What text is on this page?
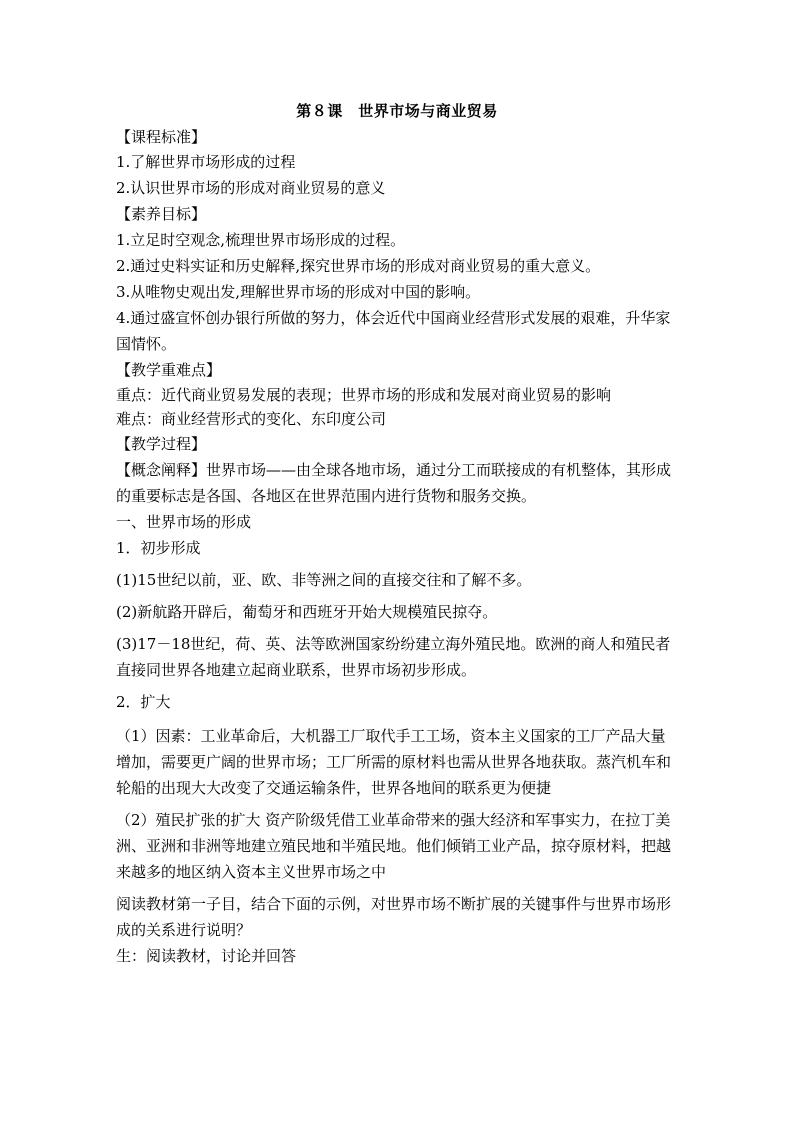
第８课　世界市场与商业贸易

【课程标准】

1.了解世界市场形成的过程

2.认识世界市场的形成对商业贸易的意义

【素养目标】

1.立足时空观念,梳理世界市场形成的过程。

2.通过史料实证和历史解释,探究世界市场的形成对商业贸易的重大意义。

3.从唯物史观出发,理解世界市场的形成对中国的影响。

4.通过盛宣怀创办银行所做的努力，体会近代中国商业经营形式发展的艰难，升华家国情怀。

【教学重难点】

重点：近代商业贸易发展的表现；世界市场的形成和发展对商业贸易的影响

难点：商业经营形式的变化、东印度公司

【教学过程】

【概念阐释】世界市场——由全球各地市场，通过分工而联接成的有机整体，其形成的重要标志是各国、各地区在世界范围内进行货物和服务交换。

一、世界市场的形成

1．初步形成

(1)15世纪以前，亚、欧、非等洲之间的直接交往和了解不多。

(2)新航路开辟后，葡萄牙和西班牙开始大规模殖民掠夺。

(3)17－18世纪，荷、英、法等欧洲国家纷纷建立海外殖民地。欧洲的商人和殖民者直接同世界各地建立起商业联系，世界市场初步形成。

2．扩大

（1）因素：工业革命后，大机器工厂取代手工工场，资本主义国家的工厂产品大量增加，需要更广阔的世界市场；工厂所需的原材料也需从世界各地获取。蒸汽机车和轮船的出现大大改变了交通运输条件，世界各地间的联系更为便捷

（2）殖民扩张的扩大 资产阶级凭借工业革命带来的强大经济和军事实力，在拉丁美洲、亚洲和非洲等地建立殖民地和半殖民地。他们倾销工业产品，掠夺原材料，把越来越多的地区纳入资本主义世界市场之中

阅读教材第一子目，结合下面的示例，对世界市场不断扩展的关键事件与世界市场形成的关系进行说明？

生：阅读教材，讨论并回答
